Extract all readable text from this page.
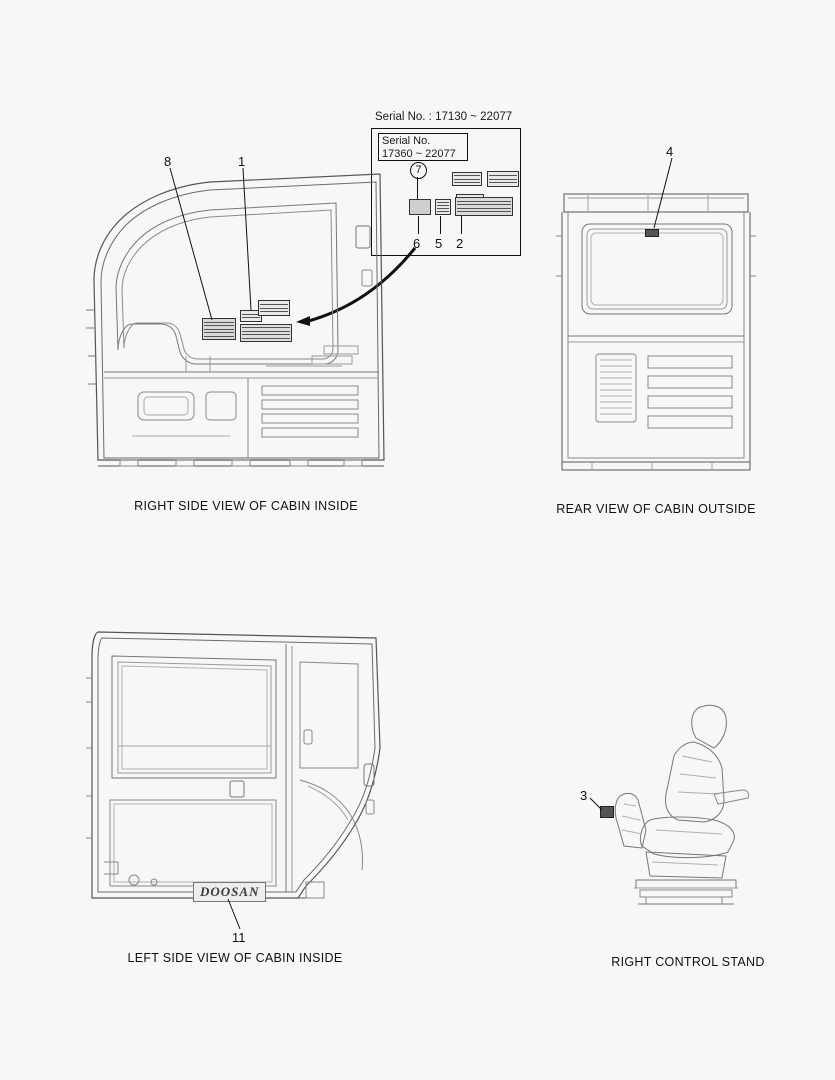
Serial No. : 17130 ~ 22077
Serial No.
17360 ~ 22077
7
6 5 2
8	1
RIGHT SIDE VIEW OF CABIN INSIDE
4
REAR VIEW OF CABIN OUTSIDE
DOOSAN
11
LEFT SIDE VIEW OF CABIN INSIDE
3
RIGHT CONTROL STAND
